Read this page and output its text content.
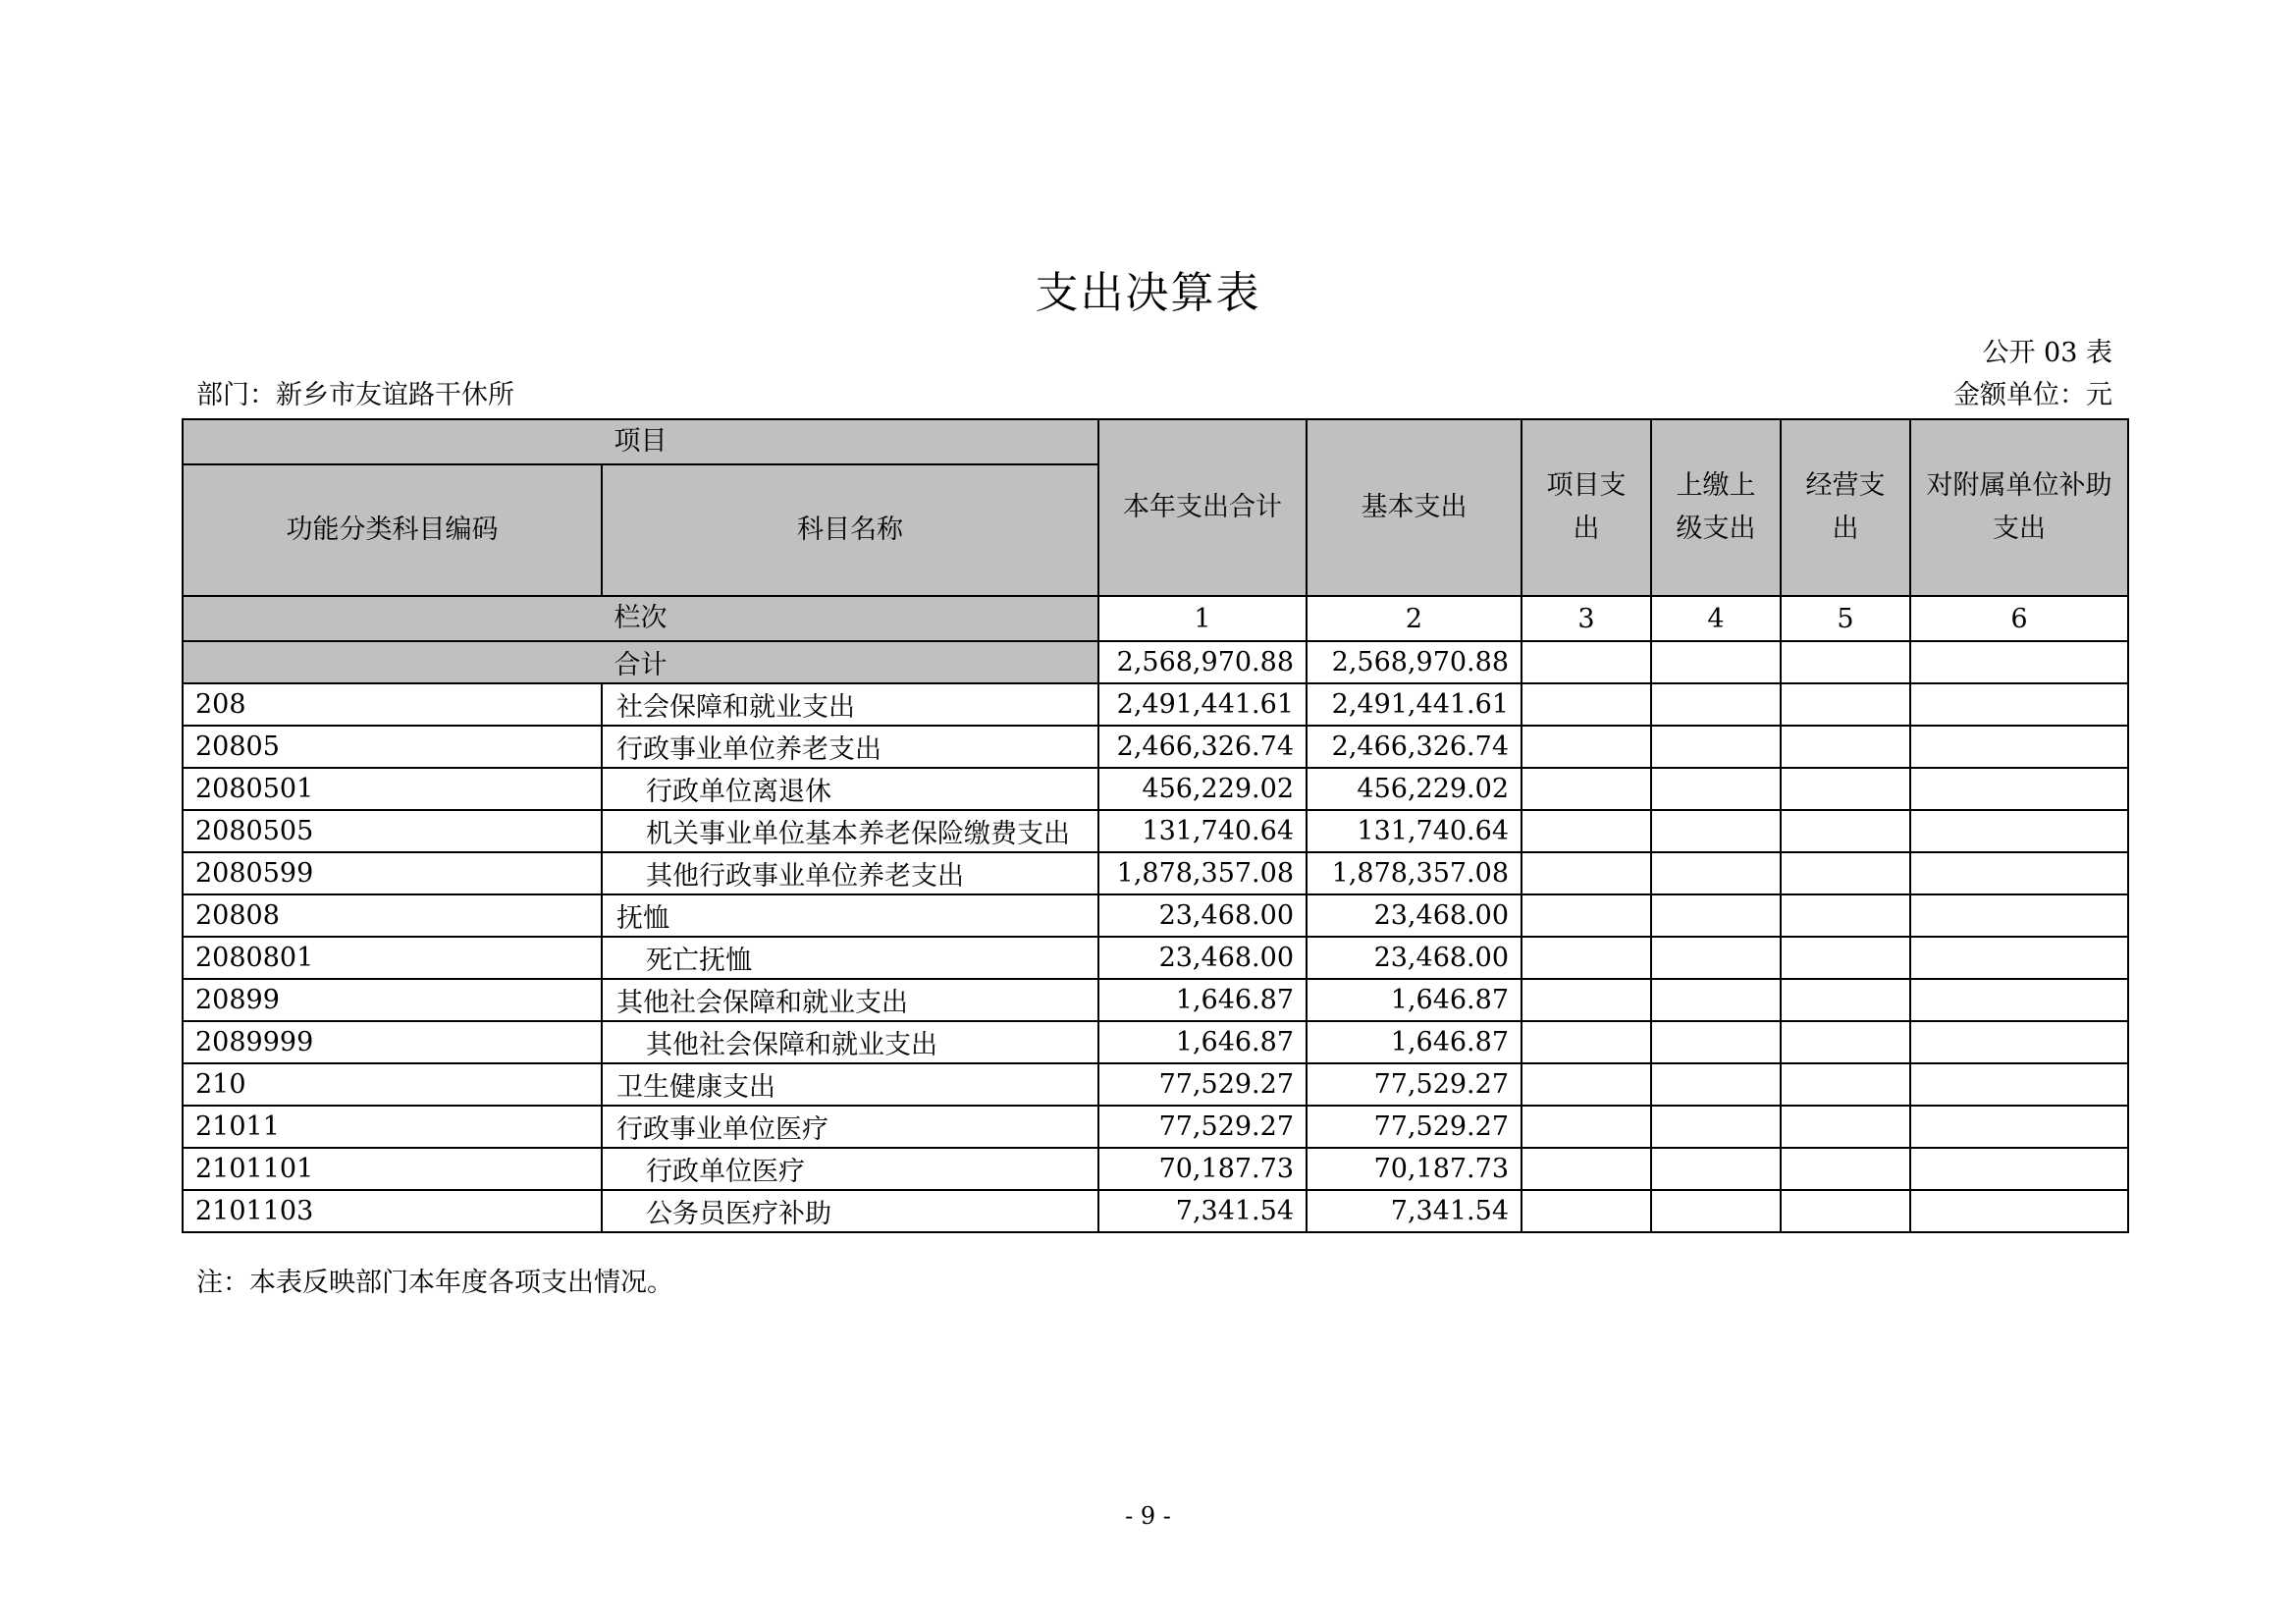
支出决算表
公开 03 表
部门：新乡市友谊路干休所	金额单位：元
项目		本年支出合计	基本支出	项目支出	上缴上级支出	经营支出	对附属单位补助支出
功能分类科目编码	科目名称						
栏次		1	2	3	4	5	6
合计		2,568,970.88	2,568,970.88				
208	社会保障和就业支出	2,491,441.61	2,491,441.61				
20805	行政事业单位养老支出	2,466,326.74	2,466,326.74				
2080501	行政单位离退休	456,229.02	456,229.02				
2080505	机关事业单位基本养老保险缴费支出	131,740.64	131,740.64				
2080599	其他行政事业单位养老支出	1,878,357.08	1,878,357.08				
20808	抚恤	23,468.00	23,468.00				
2080801	死亡抚恤	23,468.00	23,468.00				
20899	其他社会保障和就业支出	1,646.87	1,646.87				
2089999	其他社会保障和就业支出	1,646.87	1,646.87				
210	卫生健康支出	77,529.27	77,529.27				
21011	行政事业单位医疗	77,529.27	77,529.27				
2101101	行政单位医疗	70,187.73	70,187.73				
2101103	公务员医疗补助	7,341.54	7,341.54				
注：本表反映部门本年度各项支出情况。
- 9 -
